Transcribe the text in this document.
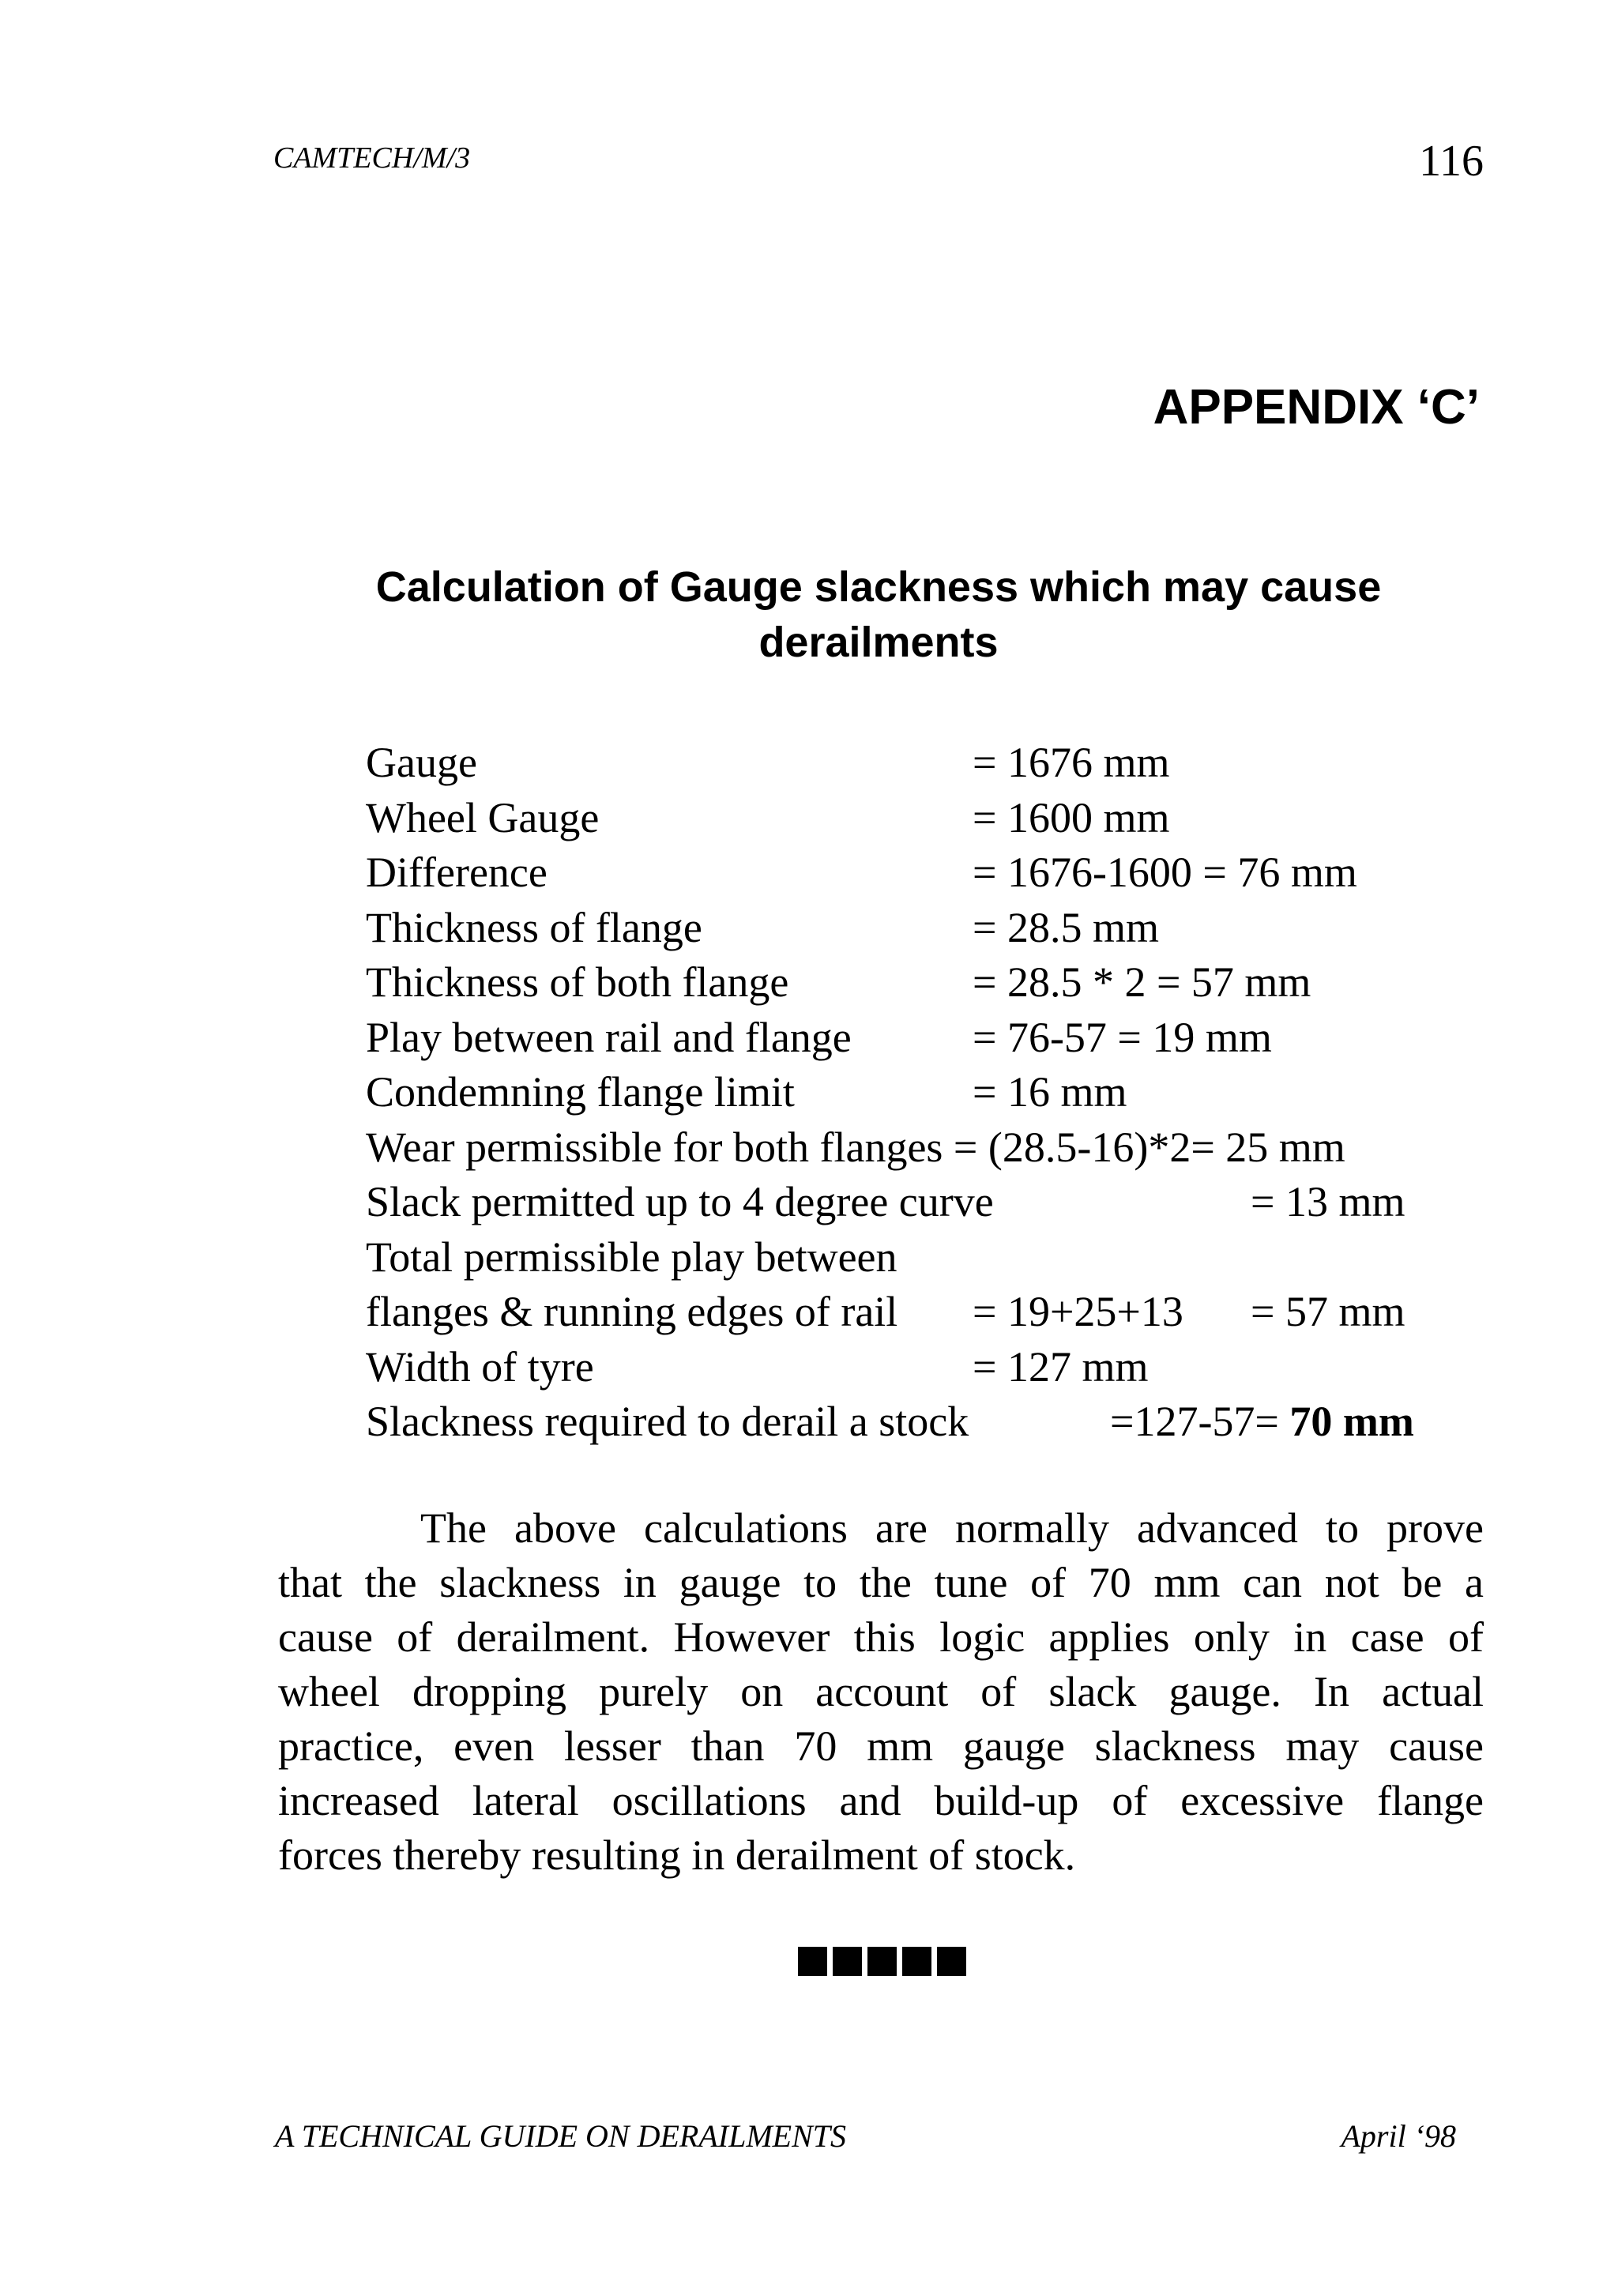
CAMTECH/M/3	116
APPENDIX ‘C’
Calculation of Gauge slackness which may cause derailments
Gauge	= 1676 mm
Wheel Gauge	= 1600 mm
Difference	= 1676-1600 = 76 mm
Thickness of flange	= 28.5 mm
Thickness of both flange	= 28.5 * 2 = 57 mm
Play between rail and flange	= 76-57 = 19 mm
Condemning flange limit	= 16 mm
Wear permissible for both flanges = (28.5-16)*2= 25 mm
Slack permitted up to 4 degree curve	= 13 mm
Total permissible play between
flanges & running edges of rail = 19+25+13 = 57 mm
Width of tyre	= 127 mm
Slackness required to derail a stock	=127-57= 70 mm
The above calculations are normally advanced to prove
that the slackness in gauge to the tune of 70 mm can not be a
cause of derailment. However this logic applies only in case of
wheel dropping purely on account of slack gauge. In actual
practice, even lesser than 70 mm gauge slackness may cause
increased lateral oscillations and build-up of excessive flange
forces thereby resulting in derailment of stock.
A TECHNICAL GUIDE ON DERAILMENTS	April ‘98
